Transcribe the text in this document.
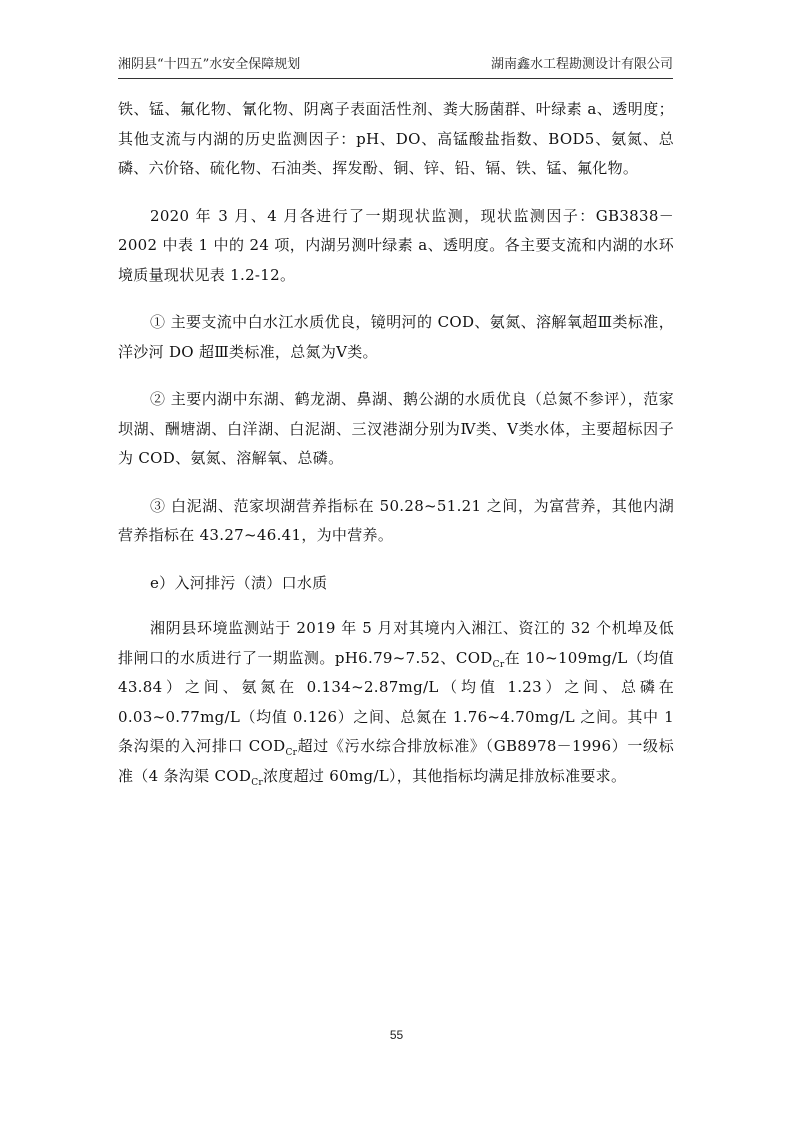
湘阴县“十四五”水安全保障规划	湖南鑫水工程勘测设计有限公司

铁、锰、氟化物、氰化物、阴离子表面活性剂、粪大肠菌群、叶绿素 a、透明度；其他支流与内湖的历史监测因子：pH、DO、高锰酸盐指数、BOD5、氨氮、总磷、六价铬、硫化物、石油类、挥发酚、铜、锌、铅、镉、铁、锰、氟化物。

2020 年 3 月、4 月各进行了一期现状监测，现状监测因子：GB3838－2002 中表 1 中的 24 项，内湖另测叶绿素 a、透明度。各主要支流和内湖的水环境质量现状见表 1.2-12。

① 主要支流中白水江水质优良，镜明河的 COD、氨氮、溶解氧超Ⅲ类标准，洋沙河 DO 超Ⅲ类标准，总氮为Ⅴ类。

② 主要内湖中东湖、鹤龙湖、鼻湖、鹅公湖的水质优良（总氮不参评），范家坝湖、酬塘湖、白洋湖、白泥湖、三汊港湖分别为Ⅳ类、Ⅴ类水体，主要超标因子为 COD、氨氮、溶解氧、总磷。

③ 白泥湖、范家坝湖营养指标在 50.28~51.21 之间，为富营养，其他内湖营养指标在 43.27~46.41，为中营养。

e）入河排污（渍）口水质

湘阴县环境监测站于 2019 年 5 月对其境内入湘江、资江的 32 个机埠及低排闸口的水质进行了一期监测。pH6.79~7.52、$COD_{Cr}$在 10~109mg/L（均值 43.84）之间、氨氮在 0.134~2.87mg/L（均值 1.23）之间、总磷在 0.03~0.77mg/L（均值 0.126）之间、总氮在 1.76~4.70mg/L 之间。其中 1 条沟渠的入河排口 $COD_{Cr}$超过《污水综合排放标准》（GB8978－1996）一级标准（4 条沟渠 $COD_{Cr}$浓度超过 60mg/L），其他指标均满足排放标准要求。

55
